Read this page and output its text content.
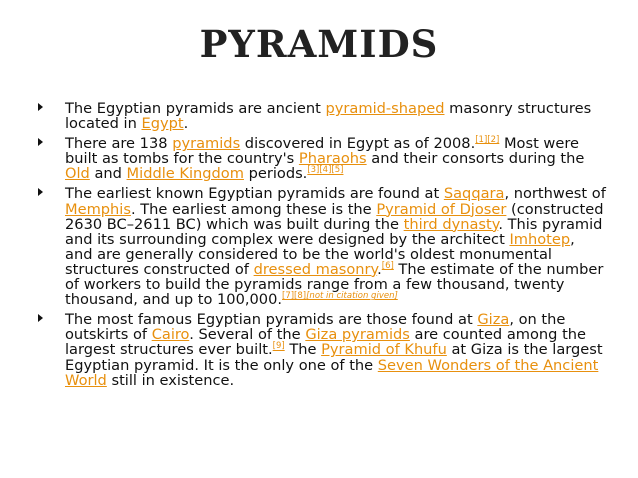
PYRAMIDS
The Egyptian pyramids are ancient pyramid-shaped masonry structures located in Egypt.
There are 138 pyramids discovered in Egypt as of 2008.[1][2] Most were built as tombs for the country's Pharaohs and their consorts during the Old and Middle Kingdom periods.[3][4][5]
The earliest known Egyptian pyramids are found at Saqqara, northwest of Memphis. The earliest among these is the Pyramid of Djoser (constructed 2630 BC–2611 BC) which was built during the third dynasty. This pyramid and its surrounding complex were designed by the architect Imhotep, and are generally considered to be the world's oldest monumental structures constructed of dressed masonry.[6] The estimate of the number of workers to build the pyramids range from a few thousand, twenty thousand, and up to 100,000.[7][8][not in citation given]
The most famous Egyptian pyramids are those found at Giza, on the outskirts of Cairo. Several of the Giza pyramids are counted among the largest structures ever built.[9] The Pyramid of Khufu at Giza is the largest Egyptian pyramid. It is the only one of the Seven Wonders of the Ancient World still in existence.
